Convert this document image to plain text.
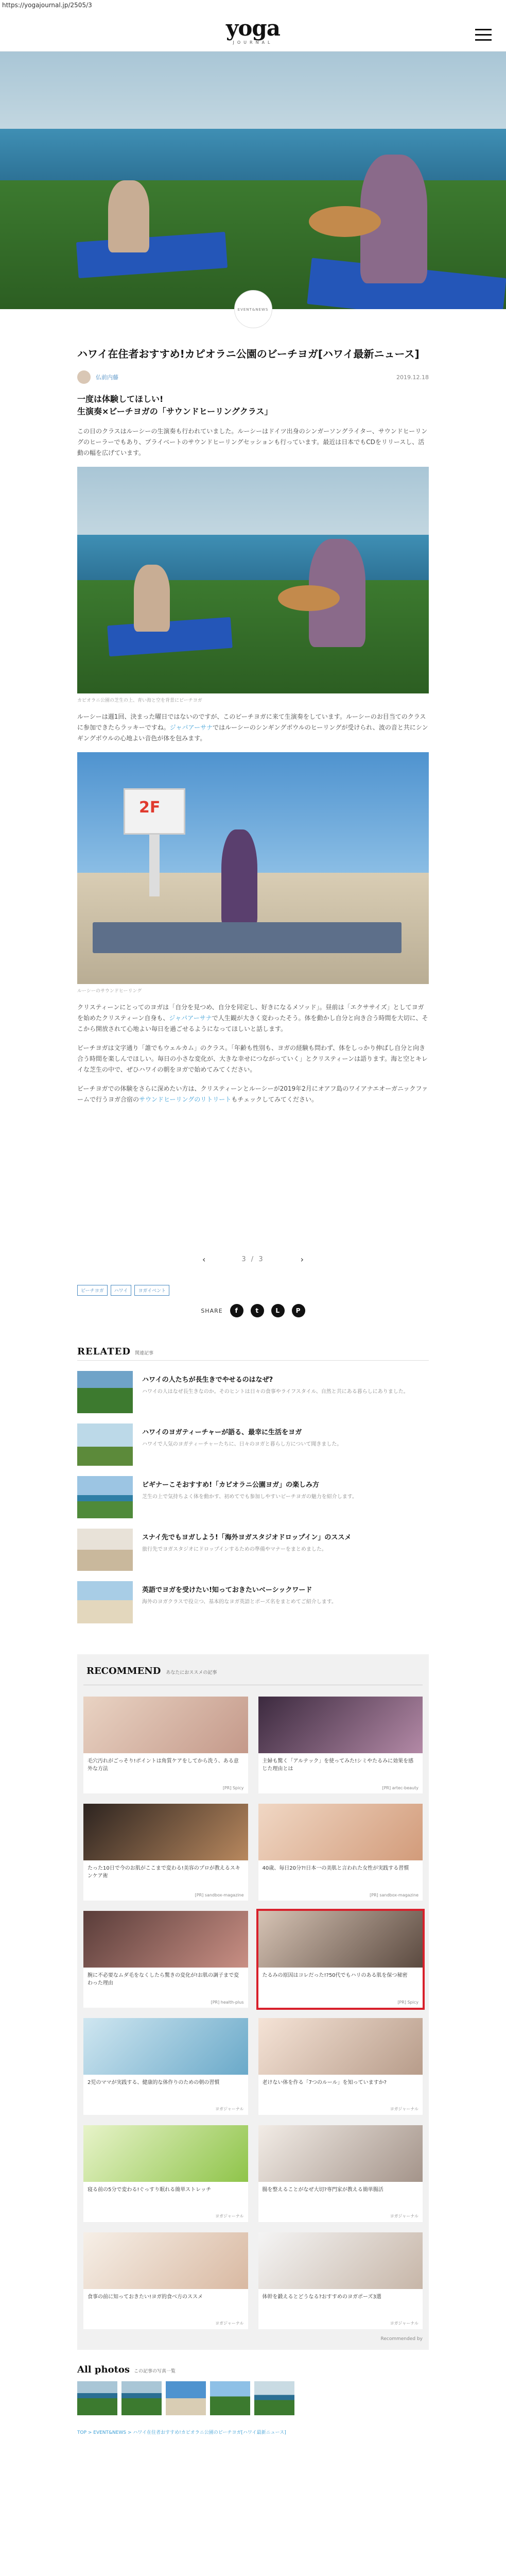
https://yogajournal.jp/2505/3
yoga
JOURNAL
EVENT&NEWS
ハワイ在住者おすすめ!カピオラニ公園のビーチヨガ[ハワイ最新ニュース]
仏前内藤	2019.12.18
一度は体験してほしい!
生演奏×ビーチヨガの「サウンドヒーリングクラス」

この日のクラスはルーシーの生演奏も行われていました。ルーシーはドイツ出身のシンガーソングライター、サウンドヒーリングのヒーラーでもあり、プライベートのサウンドヒーリングセッションも行っています。最近は日本でもCDをリリースし、活動の幅を広げています。

カピオラニ公園の芝生の上、青い海と空を背景にビーチヨガ

ルーシーは週1回、決まった曜日ではないのですが、このビーチヨガに来て生演奏をしています。ルーシーのお目当てのクラスに参加できたらラッキーですね。ジャパアーサナではルーシーのシンギングボウルのヒーリングが受けられ、波の音と共にシンギングボウルの心地よい音色が体を包みます。

2F
ルーシーのサウンドヒーリング

クリスティーンにとってのヨガは「自分を見つめ、自分を同定し、好きになるメソッド」。昼前は「エクササイズ」としてヨガを始めたクリスティーン自身も、ジャパアーサナで人生観が大きく変わったそう。体を動かし自分と向き合う時間を大切に、そこから開放されて心地よい毎日を過ごせるようになってほしいと話します。

ビーチヨガは文字通り「誰でもウェルカム」のクラス。「年齢も性別も、ヨガの経験も問わず、体をしっかり伸ばし自分と向き合う時間を楽しんでほしい。毎日の小さな変化が、大きな幸せにつながっていく」とクリスティーンは語ります。海と空とキレイな芝生の中で、ぜひハワイの朝をヨガで始めてみてください。

ビーチヨガでの体験をさらに深めたい方は、クリスティーンとルーシーが2019年2月にオアフ島のワイアナエオーガニックファームで行うヨガ合宿のサウンドヒーリングのリトリートもチェックしてみてください。

‹	3 / 3	›
ビーチヨガ	ハワイ	ヨガイベント
SHARE	f	t	L	P
RELATED 関連記事
ハワイの人たちが長生きでやせるのはなぜ?
ハワイの人はなぜ長生きなのか。そのヒントは日々の食事やライフスタイル、自然と共にある暮らしにありました。
ハワイのヨガティーチャーが語る、最幸に生活をヨガ
ハワイで人気のヨガティーチャーたちに、日々のヨガと暮らし方について聞きました。
ビギナーこそおすすめ!「カピオラニ公園ヨガ」の楽しみ方
芝生の上で気持ちよく体を動かす、初めてでも参加しやすいビーチヨガの魅力を紹介します。
スナイ先でもヨガしよう!「海外ヨガスタジオドロップイン」のススメ
旅行先でヨガスタジオにドロップインするための準備やマナーをまとめました。
英語でヨガを受けたい!知っておきたいベーシックワード
海外のヨガクラスで役立つ、基本的なヨガ英語とポーズ名をまとめてご紹介します。
RECOMMEND あなたにおススメの記事
毛穴汚れがごっそり!ポイントは角質ケアをしてから洗う、ある意外な方法
[PR] Spicy
主婦も驚く「アルテック」を使ってみた!シミやたるみに効果を感じた理由とは
[PR] artec-beauty
たった10日で今のお肌がここまで変わる!美容のプロが教えるスキンケア術
[PR] sandbox-magazine
40歳、毎日20分?!日本一の美肌と言われた女性が実践する習慣
[PR] sandbox-magazine
腕に不必要なムダ毛をなくしたら驚きの変化が!お肌の調子まで変わった理由
[PR] health-plus
たるみの原因はコレだった!?50代でもハリのある肌を保つ秘密
[PR] Spicy
2児のママが実践する、健康的な体作りのための朝の習慣
ヨガジャーナル
老けない体を作る「7つのルール」を知っていますか?
ヨガジャーナル
寝る前の5分で変わる!ぐっすり眠れる簡単ストレッチ
ヨガジャーナル
腸を整えることがなぜ大切?専門家が教える簡単腸活
ヨガジャーナル
食事の前に知っておきたい!ヨガ的食べ方のススメ
ヨガジャーナル
体幹を鍛えるとどうなる?おすすめのヨガポーズ3選
ヨガジャーナル
Recommended by
All photos この記事の写真一覧
TOP > EVENT&NEWS > ハワイ在住者おすすめ!カピオラニ公園のビーチヨガ[ハワイ最新ニュース]
